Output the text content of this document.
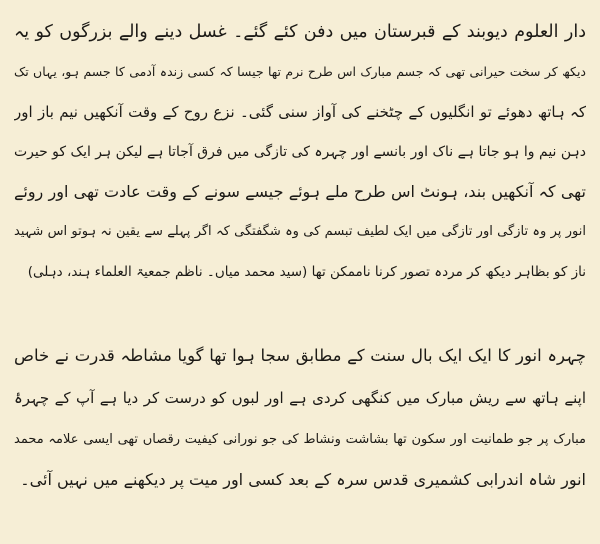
دار العلوم دیوبند کے قبرستان میں دفن کئے گئے۔ غسل دینے والے بزرگوں کو یہ
دیکھ کر سخت حیرانی تھی کہ جسم مبارک اس طرح نرم تھا جیسا کہ کسی زندہ آدمی کا جسم ہو، یہاں تک
کہ ہاتھ دھوئے تو انگلیوں کے چٹخنے کی آواز سنی گئی۔ نزع روح کے وقت آنکھیں نیم باز اور
دہن نیم وا ہو جاتا ہے ناک اور بانسے اور چہرہ کی تازگی میں فرق آجاتا ہے لیکن ہر ایک کو حیرت
تھی کہ آنکھیں بند، ہونٹ اس طرح ملے ہوئے جیسے سونے کے وقت عادت تھی اور روئے
انور پر وہ تازگی اور تازگی میں ایک لطیف تبسم کی وہ شگفتگی کہ اگر پہلے سے یقین نہ ہوتو اس شہید
ناز کو بظاہر دیکھ کر مردہ تصور کرنا ناممکن تھا (سید محمد میاں۔ ناظم جمعیۃ العلماء ہند، دہلی)
چہرہ انور کا ایک ایک بال سنت کے مطابق سجا ہوا تھا گویا مشاطہ قدرت نے خاص
اپنے ہاتھ سے ریش مبارک میں کنگھی کردی ہے اور لبوں کو درست کر دیا ہے آپ کے چہرۂ
مبارک پر جو طمانیت اور سکون تھا بشاشت ونشاط کی جو نورانی کیفیت رقصاں تھی ایسی علامہ محمد
انور شاہ اندرابی کشمیری قدس سرہ کے بعد کسی اور میت پر دیکھنے میں نہیں آئی۔
